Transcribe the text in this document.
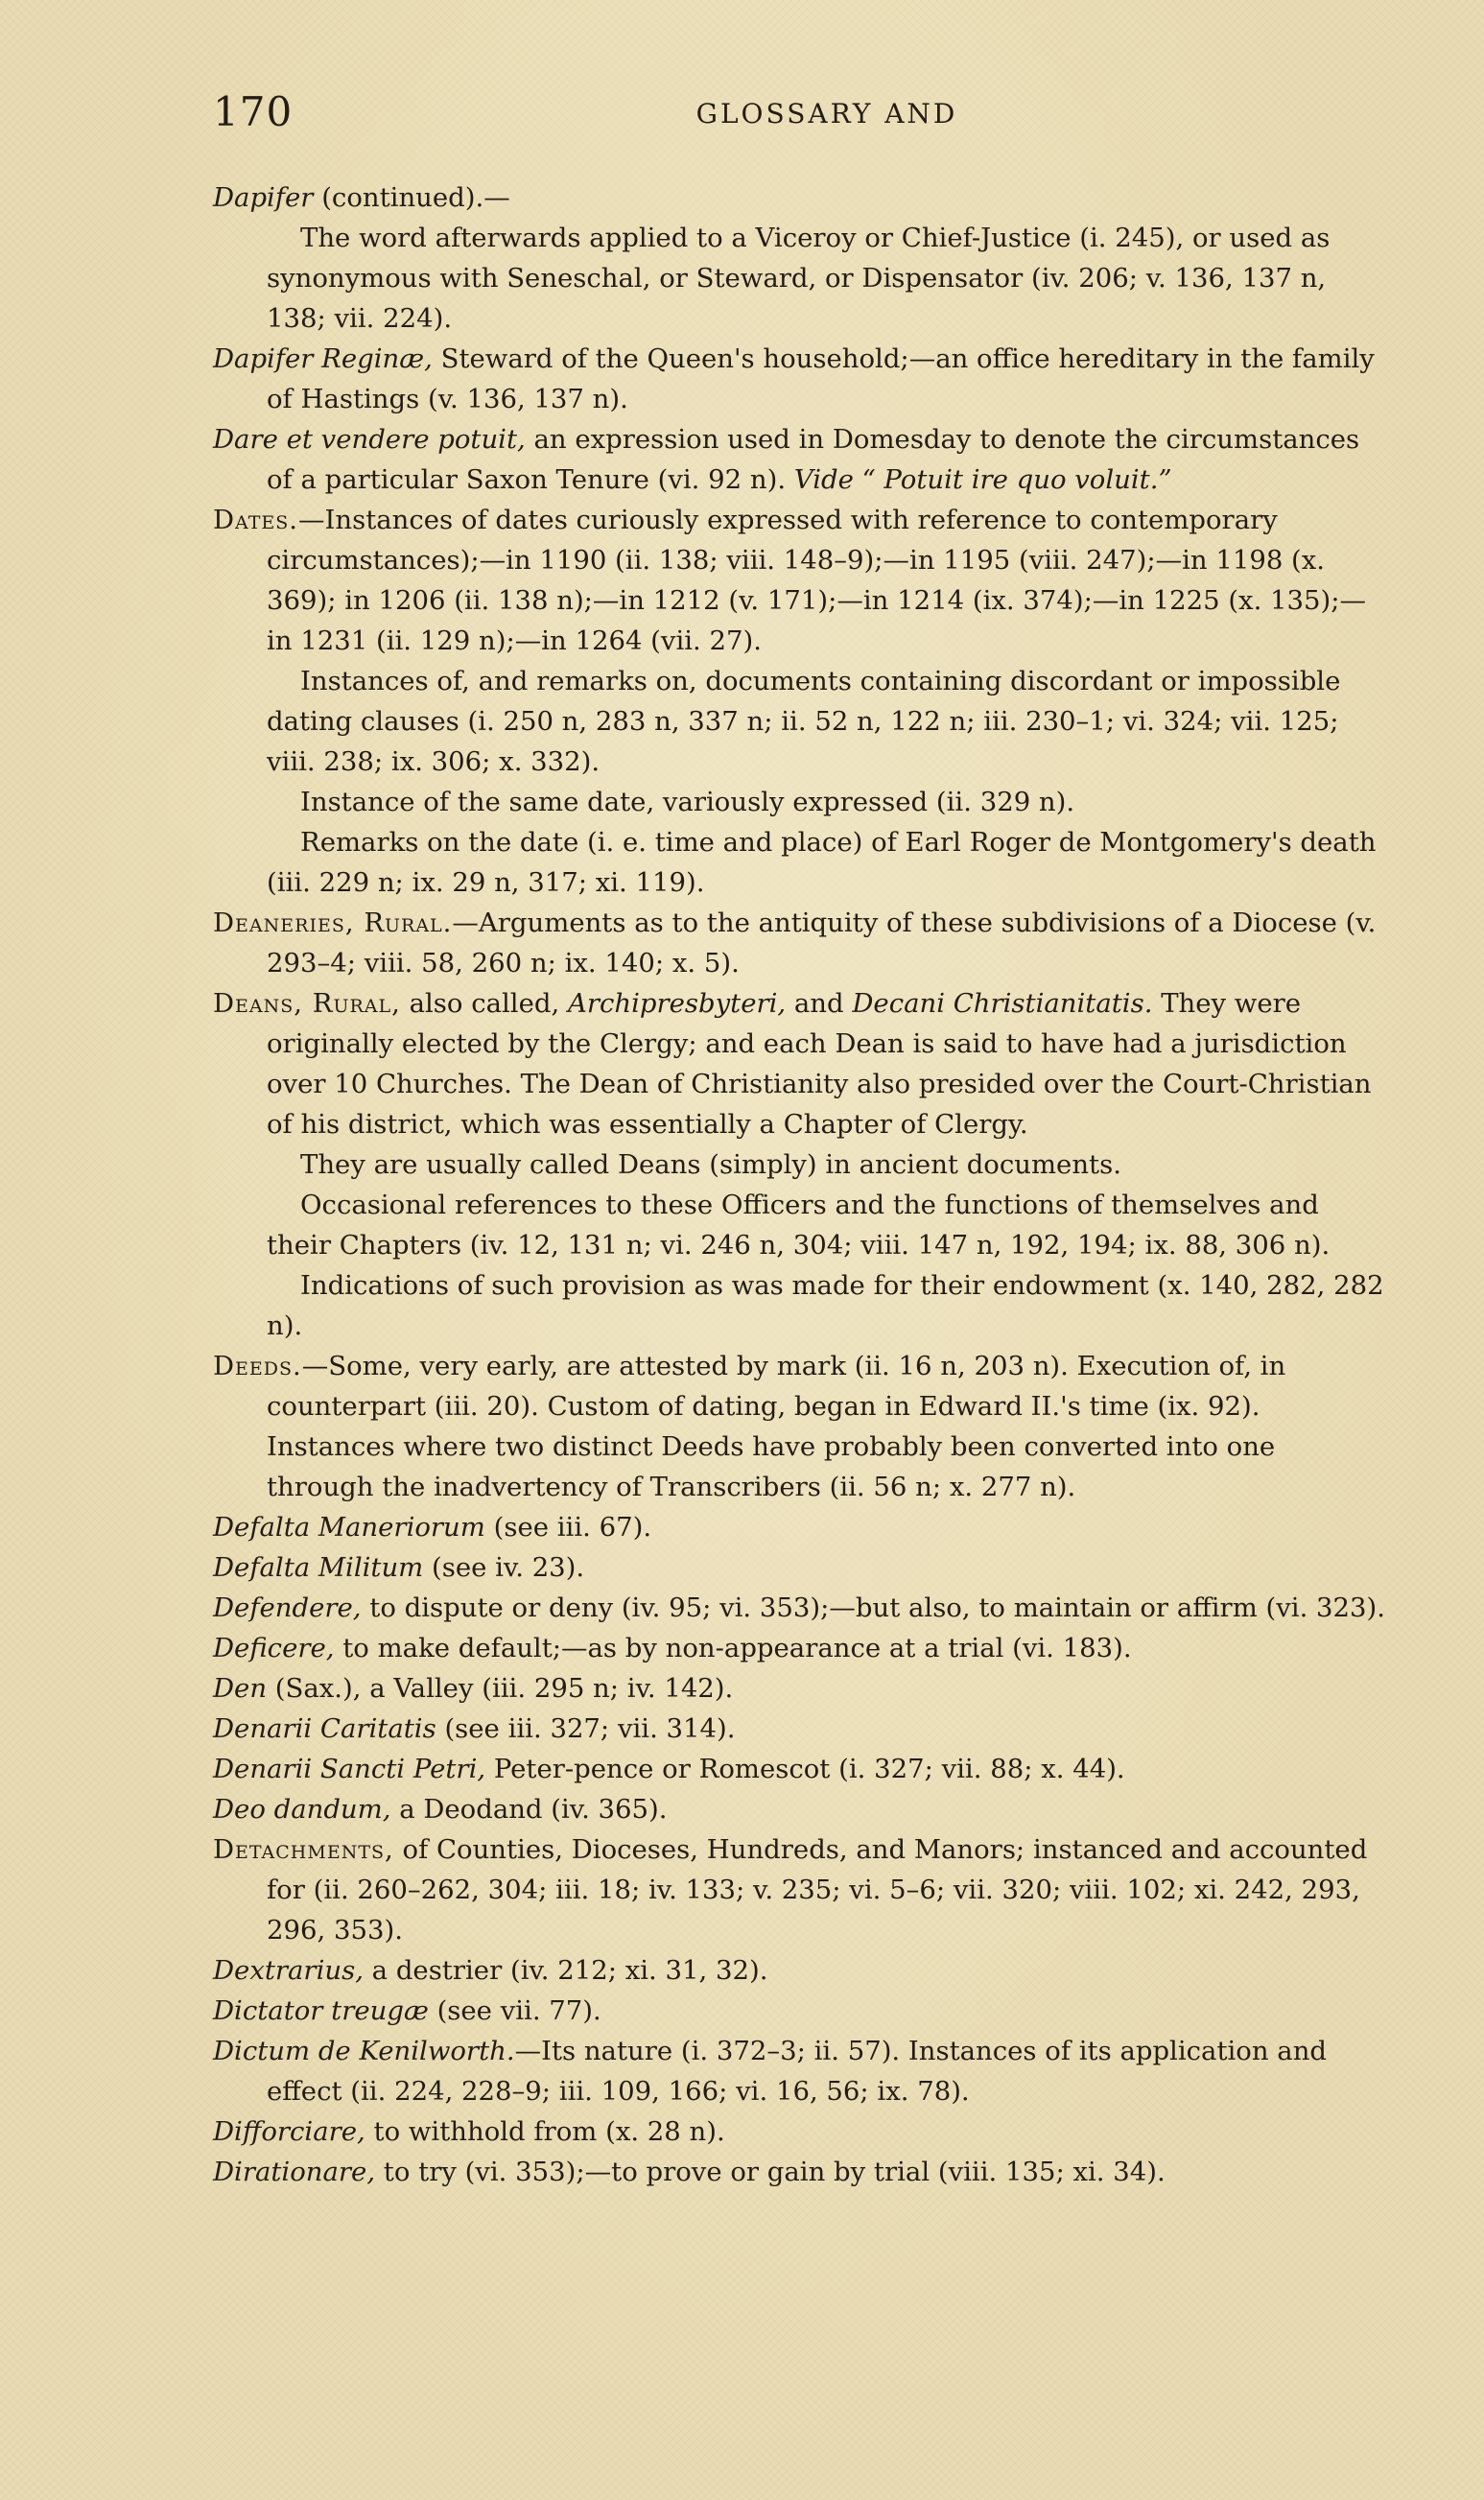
170	GLOSSARY AND

Dapifer (continued).—

The word afterwards applied to a Viceroy or Chief-Justice (i. 245), or used as synonymous with Seneschal, or Steward, or Dispensator (iv. 206; v. 136, 137 n, 138; vii. 224).

Dapifer Reginæ, Steward of the Queen's household;—an office hereditary in the family of Hastings (v. 136, 137 n).

Dare et vendere potuit, an expression used in Domesday to denote the circumstances of a particular Saxon Tenure (vi. 92 n). Vide “ Potuit ire quo voluit.”

Dates.—Instances of dates curiously expressed with reference to contemporary circumstances);—in 1190 (ii. 138; viii. 148–9);—in 1195 (viii. 247);—in 1198 (x. 369); in 1206 (ii. 138 n);—in 1212 (v. 171);—in 1214 (ix. 374);—in 1225 (x. 135);—in 1231 (ii. 129 n);—in 1264 (vii. 27).

Instances of, and remarks on, documents containing discordant or impossible dating clauses (i. 250 n, 283 n, 337 n; ii. 52 n, 122 n; iii. 230–1; vi. 324; vii. 125; viii. 238; ix. 306; x. 332).

Instance of the same date, variously expressed (ii. 329 n).

Remarks on the date (i. e. time and place) of Earl Roger de Montgomery's death (iii. 229 n; ix. 29 n, 317; xi. 119).

Deaneries, Rural.—Arguments as to the antiquity of these subdivisions of a Diocese (v. 293–4; viii. 58, 260 n; ix. 140; x. 5).

Deans, Rural, also called, Archipresbyteri, and Decani Christianitatis. They were originally elected by the Clergy; and each Dean is said to have had a jurisdiction over 10 Churches. The Dean of Christianity also presided over the Court-Christian of his district, which was essentially a Chapter of Clergy.

They are usually called Deans (simply) in ancient documents.

Occasional references to these Officers and the functions of themselves and their Chapters (iv. 12, 131 n; vi. 246 n, 304; viii. 147 n, 192, 194; ix. 88, 306 n).

Indications of such provision as was made for their endowment (x. 140, 282, 282 n).

Deeds.—Some, very early, are attested by mark (ii. 16 n, 203 n). Execution of, in counterpart (iii. 20). Custom of dating, began in Edward II.'s time (ix. 92). Instances where two distinct Deeds have probably been converted into one through the inadvertency of Transcribers (ii. 56 n; x. 277 n).

Defalta Maneriorum (see iii. 67).

Defalta Militum (see iv. 23).

Defendere, to dispute or deny (iv. 95; vi. 353);—but also, to maintain or affirm (vi. 323).

Deficere, to make default;—as by non-appearance at a trial (vi. 183).

Den (Sax.), a Valley (iii. 295 n; iv. 142).

Denarii Caritatis (see iii. 327; vii. 314).

Denarii Sancti Petri, Peter-pence or Romescot (i. 327; vii. 88; x. 44).

Deo dandum, a Deodand (iv. 365).

Detachments, of Counties, Dioceses, Hundreds, and Manors; instanced and accounted for (ii. 260–262, 304; iii. 18; iv. 133; v. 235; vi. 5–6; vii. 320; viii. 102; xi. 242, 293, 296, 353).

Dextrarius, a destrier (iv. 212; xi. 31, 32).

Dictator treugæ (see vii. 77).

Dictum de Kenilworth.—Its nature (i. 372–3; ii. 57). Instances of its application and effect (ii. 224, 228–9; iii. 109, 166; vi. 16, 56; ix. 78).

Difforciare, to withhold from (x. 28 n).

Dirationare, to try (vi. 353);—to prove or gain by trial (viii. 135; xi. 34).
